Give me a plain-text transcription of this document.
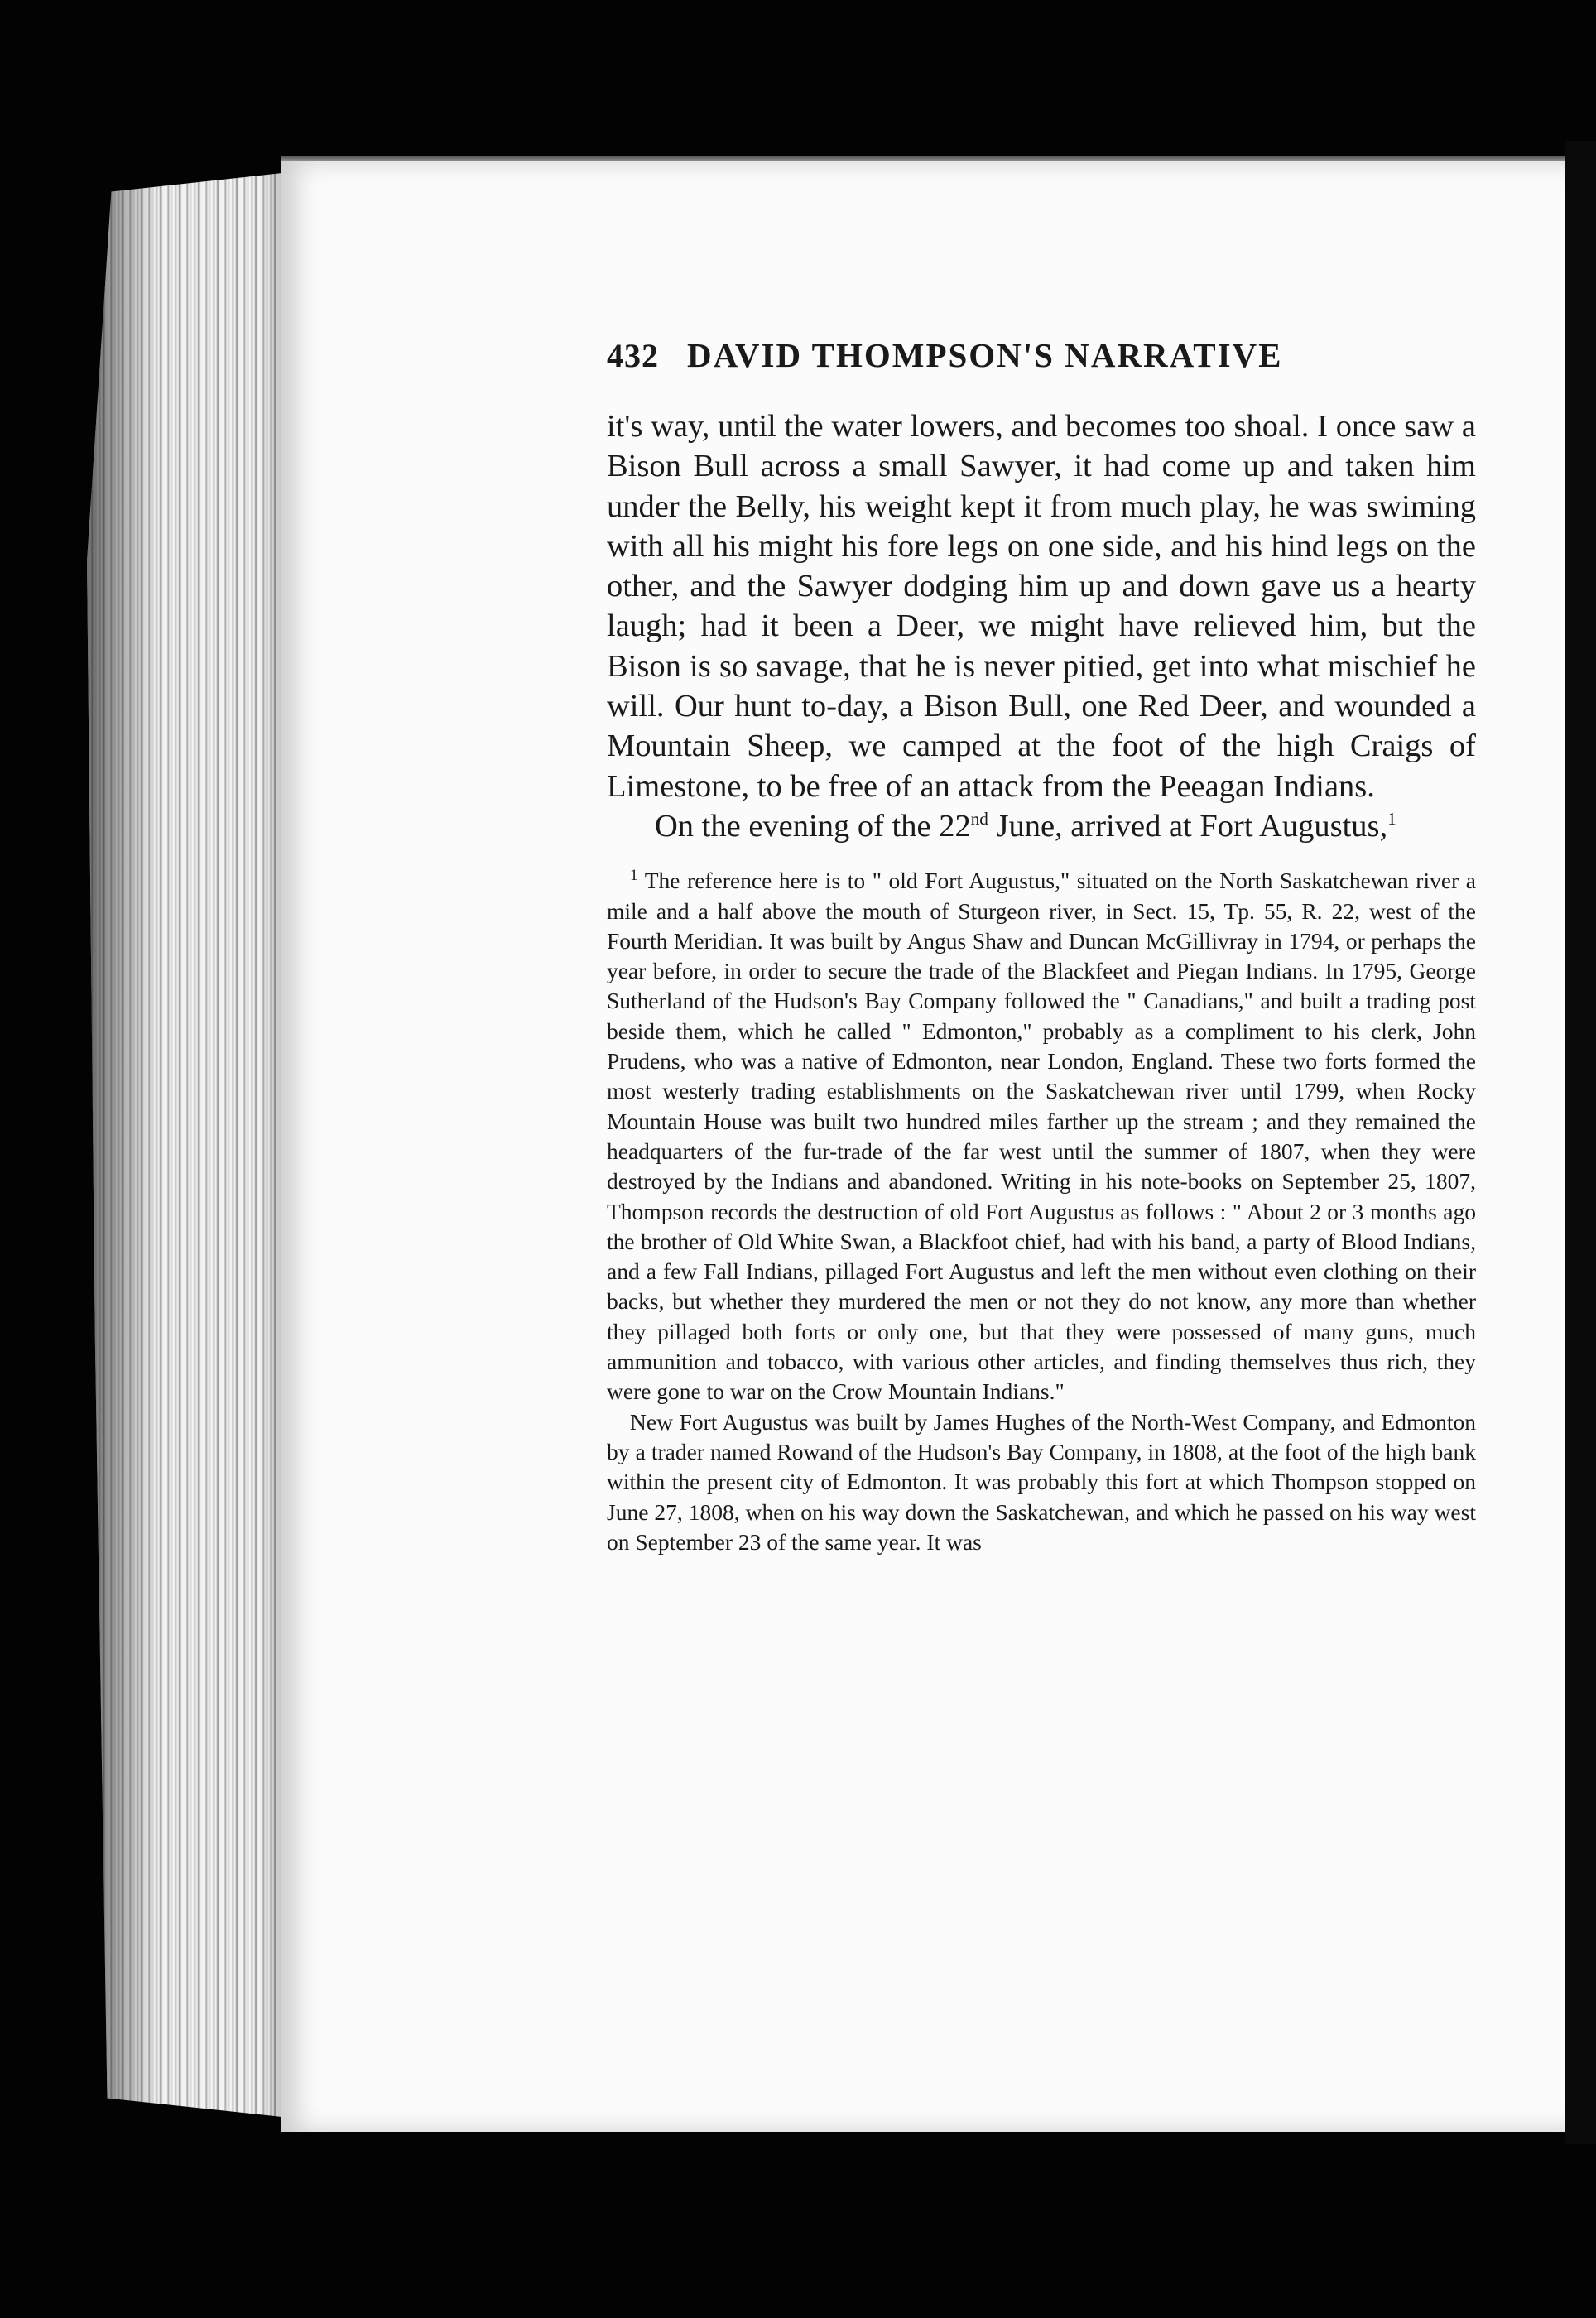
432 DAVID THOMPSON'S NARRATIVE

it's way, until the water lowers, and becomes too shoal. I once saw a Bison Bull across a small Sawyer, it had come up and taken him under the Belly, his weight kept it from much play, he was swiming with all his might his fore legs on one side, and his hind legs on the other, and the Sawyer dodging him up and down gave us a hearty laugh; had it been a Deer, we might have relieved him, but the Bison is so savage, that he is never pitied, get into what mischief he will. Our hunt to-day, a Bison Bull, one Red Deer, and wounded a Mountain Sheep, we camped at the foot of the high Craigs of Limestone, to be free of an attack from the Peeagan Indians.

On the evening of the 22nd June, arrived at Fort Augustus,$^1$

$^1$ The reference here is to " old Fort Augustus," situated on the North Saskatchewan river a mile and a half above the mouth of Sturgeon river, in Sect. 15, Tp. 55, R. 22, west of the Fourth Meridian. It was built by Angus Shaw and Duncan McGillivray in 1794, or perhaps the year before, in order to secure the trade of the Blackfeet and Piegan Indians. In 1795, George Sutherland of the Hudson's Bay Company followed the " Canadians," and built a trading post beside them, which he called " Edmonton," probably as a compliment to his clerk, John Prudens, who was a native of Edmonton, near London, England. These two forts formed the most westerly trading establishments on the Saskatchewan river until 1799, when Rocky Mountain House was built two hundred miles farther up the stream ; and they remained the headquarters of the fur-trade of the far west until the summer of 1807, when they were destroyed by the Indians and abandoned. Writing in his note-books on September 25, 1807, Thompson records the destruction of old Fort Augustus as follows : " About 2 or 3 months ago the brother of Old White Swan, a Blackfoot chief, had with his band, a party of Blood Indians, and a few Fall Indians, pillaged Fort Augustus and left the men without even clothing on their backs, but whether they murdered the men or not they do not know, any more than whether they pillaged both forts or only one, but that they were possessed of many guns, much ammunition and tobacco, with various other articles, and finding themselves thus rich, they were gone to war on the Crow Mountain Indians."

New Fort Augustus was built by James Hughes of the North-West Company, and Edmonton by a trader named Rowand of the Hudson's Bay Company, in 1808, at the foot of the high bank within the present city of Edmonton. It was probably this fort at which Thompson stopped on June 27, 1808, when on his way down the Saskatchewan, and which he passed on his way west on September 23 of the same year. It was
